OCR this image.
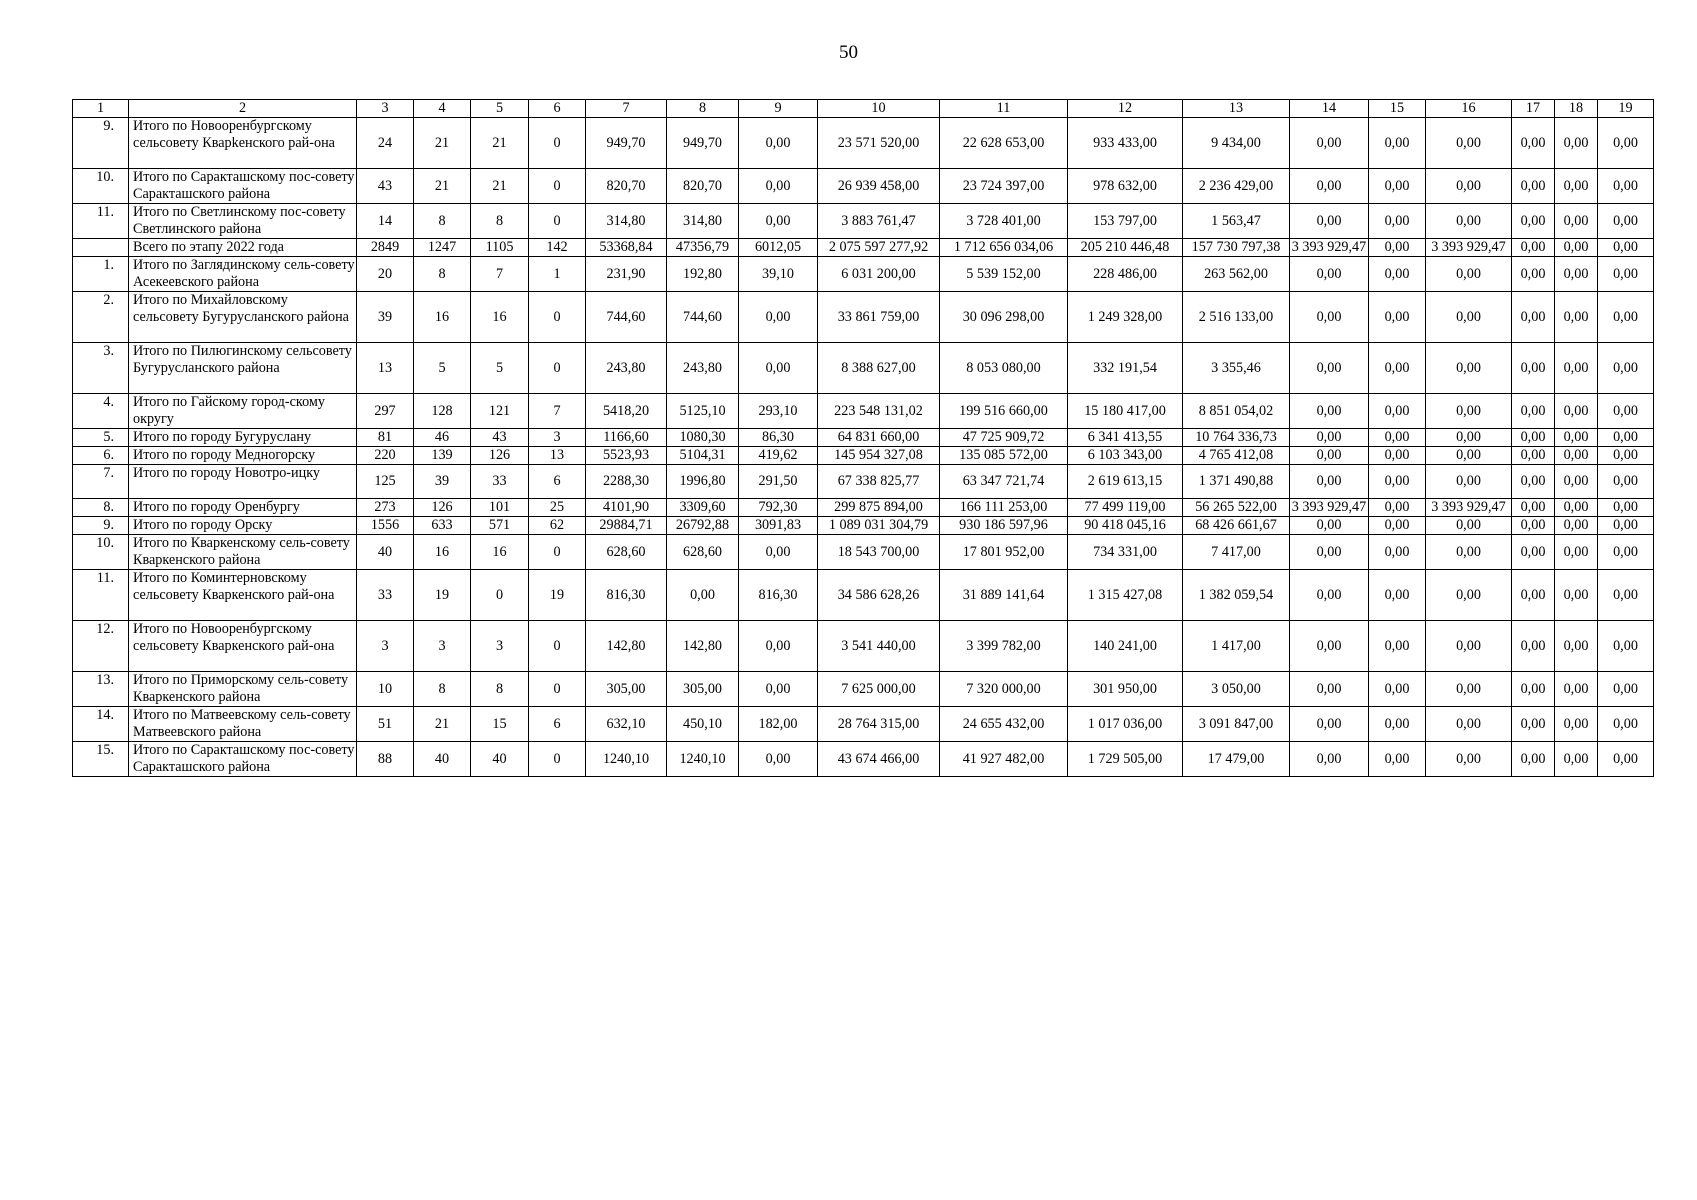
50
1	2	3	4	5	6	7	8	9	10	11	12	13	14	15	16	17	18	19
9.	Итого по Новооренбургскому сельсовету Кварkенского рай-она	24	21	21	0	949,70	949,70	0,00	23 571 520,00	22 628 653,00	933 433,00	9 434,00	0,00	0,00	0,00	0,00	0,00	0,00
10.	Итого по Саракташскому пос-совету Саракташского района	43	21	21	0	820,70	820,70	0,00	26 939 458,00	23 724 397,00	978 632,00	2 236 429,00	0,00	0,00	0,00	0,00	0,00	0,00
11.	Итого по Светлинскому пос-совету Светлинского района	14	8	8	0	314,80	314,80	0,00	3 883 761,47	3 728 401,00	153 797,00	1 563,47	0,00	0,00	0,00	0,00	0,00	0,00
	Всего по этапу 2022 года	2849	1247	1105	142	53368,84	47356,79	6012,05	2 075 597 277,92	1 712 656 034,06	205 210 446,48	157 730 797,38	3 393 929,47	0,00	3 393 929,47	0,00	0,00	0,00
1.	Итого по Заглядинскому сель-совету Асекеевского района	20	8	7	1	231,90	192,80	39,10	6 031 200,00	5 539 152,00	228 486,00	263 562,00	0,00	0,00	0,00	0,00	0,00	0,00
2.	Итого по Михайловскому сельсовету Бугурусланского района	39	16	16	0	744,60	744,60	0,00	33 861 759,00	30 096 298,00	1 249 328,00	2 516 133,00	0,00	0,00	0,00	0,00	0,00	0,00
3.	Итого по Пилюгинскому сельсовету Бугурусланского района	13	5	5	0	243,80	243,80	0,00	8 388 627,00	8 053 080,00	332 191,54	3 355,46	0,00	0,00	0,00	0,00	0,00	0,00
4.	Итого по Гайскому город-скому округу	297	128	121	7	5418,20	5125,10	293,10	223 548 131,02	199 516 660,00	15 180 417,00	8 851 054,02	0,00	0,00	0,00	0,00	0,00	0,00
5.	Итого по городу Бугуруслану	81	46	43	3	1166,60	1080,30	86,30	64 831 660,00	47 725 909,72	6 341 413,55	10 764 336,73	0,00	0,00	0,00	0,00	0,00	0,00
6.	Итого по городу Медногорску	220	139	126	13	5523,93	5104,31	419,62	145 954 327,08	135 085 572,00	6 103 343,00	4 765 412,08	0,00	0,00	0,00	0,00	0,00	0,00
7.	Итого по городу Новотро-ицку	125	39	33	6	2288,30	1996,80	291,50	67 338 825,77	63 347 721,74	2 619 613,15	1 371 490,88	0,00	0,00	0,00	0,00	0,00	0,00
8.	Итого по городу Оренбургу	273	126	101	25	4101,90	3309,60	792,30	299 875 894,00	166 111 253,00	77 499 119,00	56 265 522,00	3 393 929,47	0,00	3 393 929,47	0,00	0,00	0,00
9.	Итого по городу Орску	1556	633	571	62	29884,71	26792,88	3091,83	1 089 031 304,79	930 186 597,96	90 418 045,16	68 426 661,67	0,00	0,00	0,00	0,00	0,00	0,00
10.	Итого по Кваркенскому сель-совету Кваркенского района	40	16	16	0	628,60	628,60	0,00	18 543 700,00	17 801 952,00	734 331,00	7 417,00	0,00	0,00	0,00	0,00	0,00	0,00
11.	Итого по Коминтерновскому сельсовету Кваркенского рай-она	33	19	0	19	816,30	0,00	816,30	34 586 628,26	31 889 141,64	1 315 427,08	1 382 059,54	0,00	0,00	0,00	0,00	0,00	0,00
12.	Итого по Новооренбургскому сельсовету Кваркенского рай-она	3	3	3	0	142,80	142,80	0,00	3 541 440,00	3 399 782,00	140 241,00	1 417,00	0,00	0,00	0,00	0,00	0,00	0,00
13.	Итого по Приморскому сель-совету Кваркенского района	10	8	8	0	305,00	305,00	0,00	7 625 000,00	7 320 000,00	301 950,00	3 050,00	0,00	0,00	0,00	0,00	0,00	0,00
14.	Итого по Матвеевскому сель-совету Матвеевского района	51	21	15	6	632,10	450,10	182,00	28 764 315,00	24 655 432,00	1 017 036,00	3 091 847,00	0,00	0,00	0,00	0,00	0,00	0,00
15.	Итого по Саракташскому пос-совету Саракташского района	88	40	40	0	1240,10	1240,10	0,00	43 674 466,00	41 927 482,00	1 729 505,00	17 479,00	0,00	0,00	0,00	0,00	0,00	0,00
